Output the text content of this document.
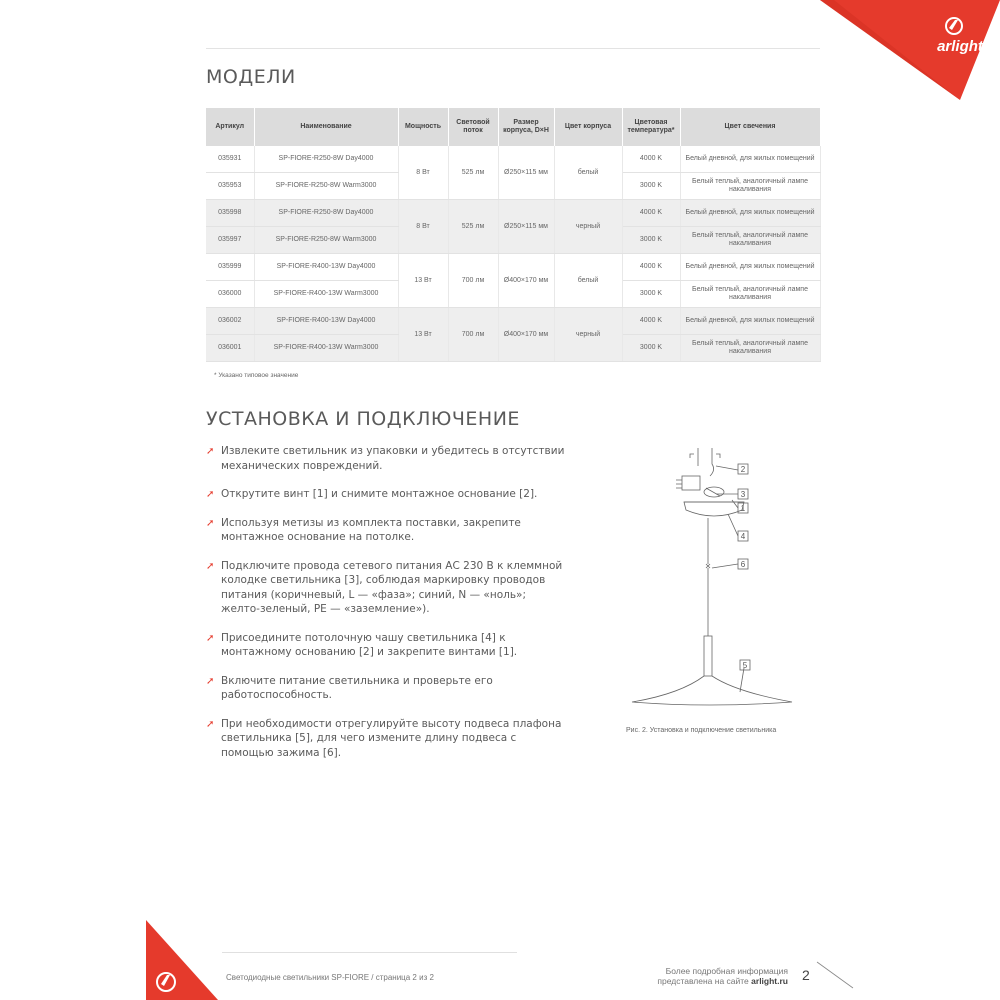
arlight
МОДЕЛИ
Артикул	Наименование	Мощность	Световой поток	Размер корпуса, D×H	Цвет корпуса	Цветовая температура*	Цвет свечения
035931	SP-FIORE-R250-8W Day4000	8 Вт	525 лм	Ø250×115 мм	белый	4000 K	Белый дневной, для жилых помещений
035953	SP-FIORE-R250-8W Warm3000					3000 K	Белый теплый, аналогичный лампе накаливания
035998	SP-FIORE-R250-8W Day4000	8 Вт	525 лм	Ø250×115 мм	черный	4000 K	Белый дневной, для жилых помещений
035997	SP-FIORE-R250-8W Warm3000					3000 K	Белый теплый, аналогичный лампе накаливания
035999	SP-FIORE-R400-13W Day4000	13 Вт	700 лм	Ø400×170 мм	белый	4000 K	Белый дневной, для жилых помещений
036000	SP-FIORE-R400-13W Warm3000					3000 K	Белый теплый, аналогичный лампе накаливания
036002	SP-FIORE-R400-13W Day4000	13 Вт	700 лм	Ø400×170 мм	черный	4000 K	Белый дневной, для жилых помещений
036001	SP-FIORE-R400-13W Warm3000					3000 K	Белый теплый, аналогичный лампе накаливания
* Указано типовое значение
УСТАНОВКА И ПОДКЛЮЧЕНИЕ
➚ Извлеките светильник из упаковки и убедитесь в отсутствии механических повреждений.
➚ Открутите винт [1] и снимите монтажное основание [2].
➚ Используя метизы из комплекта поставки, закрепите монтажное основание на потолке.
➚ Подключите провода сетевого питания АС 230 В к клеммной колодке светильника [3], соблюдая маркировку проводов питания (коричневый, L — «фаза»; синий, N — «ноль»; желто-зеленый, PE — «заземление»).
➚ Присоедините потолочную чашу светильника [4] к монтажному основанию [2] и закрепите винтами [1].
➚ Включите питание светильника и проверьте его работоспособность.
➚ При необходимости отрегулируйте высоту подвеса плафона светильника [5], для чего измените длину подвеса с помощью зажима [6].
2
3
1
4
6
5
Рис. 2. Установка и подключение светильника
Светодиодные светильники SP-FIORE / страница 2 из 2
Более подробная информация
представлена на сайте arlight.ru 2
